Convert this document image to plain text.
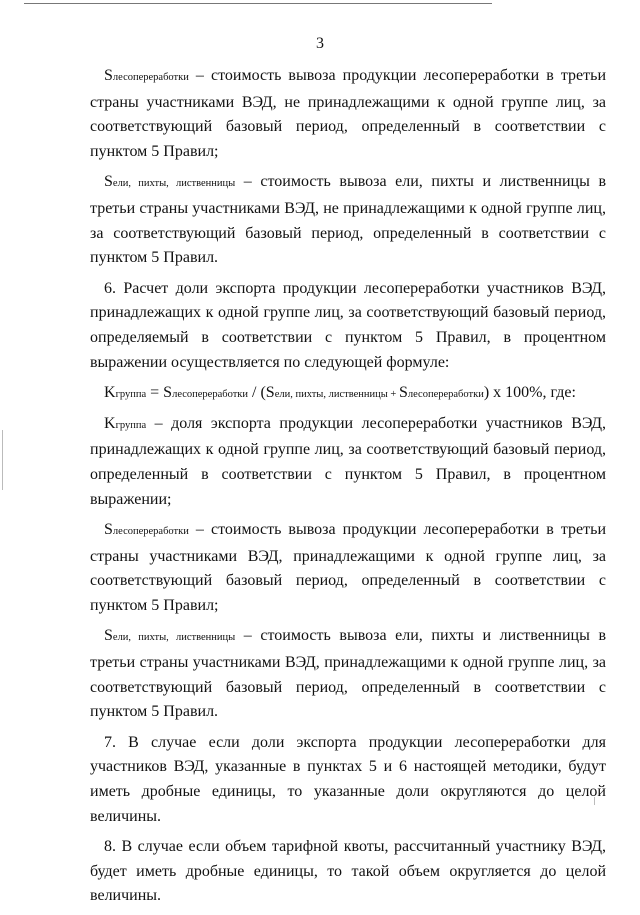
3

Sлесопереработки – стоимость вывоза продукции лесопереработки в третьи страны участниками ВЭД, не принадлежащими к одной группе лиц, за соответствующий базовый период, определенный в соответствии с пунктом 5 Правил;

Sели, пихты, лиственницы – стоимость вывоза ели, пихты и лиственницы в третьи страны участниками ВЭД, не принадлежащими к одной группе лиц, за соответствующий базовый период, определенный в соответствии с пунктом 5 Правил.

6. Расчет доли экспорта продукции лесопереработки участников ВЭД, принадлежащих к одной группе лиц, за соответствующий базовый период, определяемый в соответствии с пунктом 5 Правил, в процентном выражении осуществляется по следующей формуле:

Kгруппа = Sлесопереработки / (Sели, пихты, лиственницы + Sлесопереработки) х 100%, где:

Kгруппа – доля экспорта продукции лесопереработки участников ВЭД, принадлежащих к одной группе лиц, за соответствующий базовый период, определенный в соответствии с пунктом 5 Правил, в процентном выражении;

Sлесопереработки – стоимость вывоза продукции лесопереработки в третьи страны участниками ВЭД, принадлежащими к одной группе лиц, за соответствующий базовый период, определенный в соответствии с пунктом 5 Правил;

Sели, пихты, лиственницы – стоимость вывоза ели, пихты и лиственницы в третьи страны участниками ВЭД, принадлежащими к одной группе лиц, за соответствующий базовый период, определенный в соответствии с пунктом 5 Правил.

7. В случае если доли экспорта продукции лесопереработки для участников ВЭД, указанные в пунктах 5 и 6 настоящей методики, будут иметь дробные единицы, то указанные доли округляются до целой величины.

8. В случае если объем тарифной квоты, рассчитанный участнику ВЭД, будет иметь дробные единицы, то такой объем округляется до целой величины.
